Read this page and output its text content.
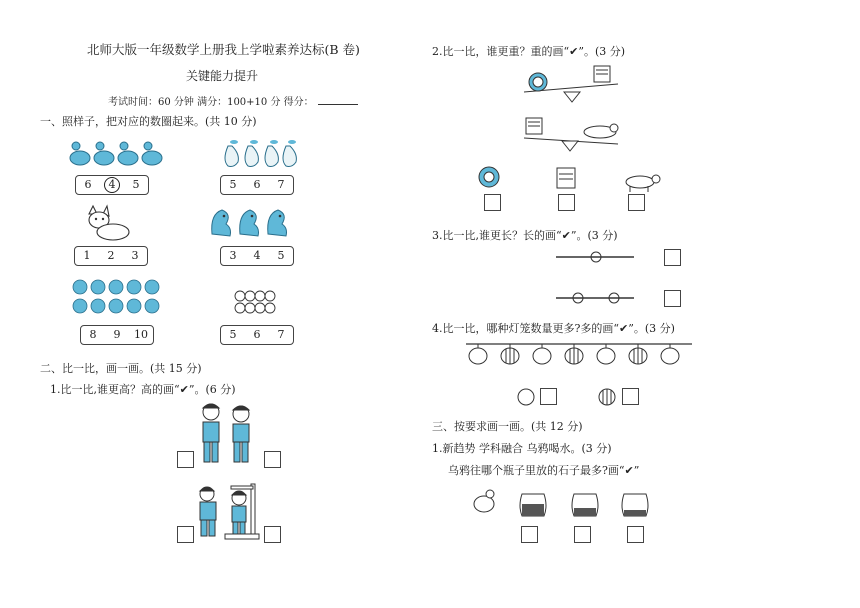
北师大版一年级数学上册我上学啦素养达标(B 卷)
关键能力提升
考试时间：60 分钟 满分：100+10 分 得分：
一、照样子，把对应的数圈起来。(共 10 分)
6	4	5	5	6	7
1	2	3	3	4	5
8	9	10	5	6	7
二、比一比，画一画。(共 15 分)
1.比一比,谁更高？高的画“✔”。(6 分)
2.比一比，谁更重？重的画“✔”。(3 分)
3.比一比,谁更长？长的画“✔”。(3 分)
4.比一比，哪种灯笼数量更多?多的画“✔”。(3 分)
三、按要求画一画。(共 12 分)
1.新趋势 学科融合 乌鸦喝水。(3 分)
乌鸦往哪个瓶子里放的石子最多?画“✔”
